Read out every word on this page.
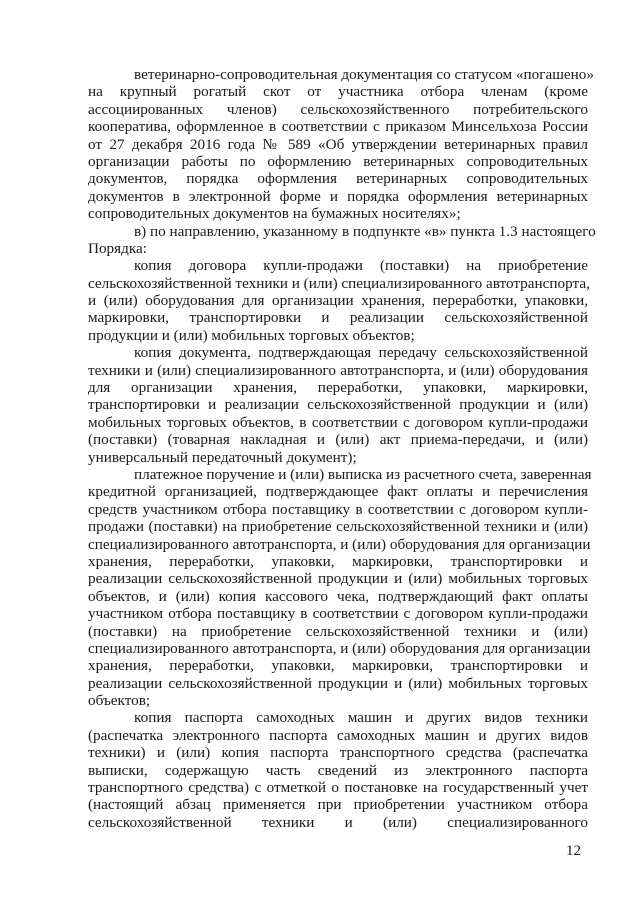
ветеринарно-сопроводительная документация со статусом «погашено»
на крупный рогатый скот от участника отбора членам (кроме
ассоциированных членов) сельскохозяйственного потребительского
кооператива, оформленное в соответствии с приказом Минсельхоза России
от 27 декабря 2016 года № 589 «Об утверждении ветеринарных правил
организации работы по оформлению ветеринарных сопроводительных
документов, порядка оформления ветеринарных сопроводительных
документов в электронной форме и порядка оформления ветеринарных
сопроводительных документов на бумажных носителях»;
в) по направлению, указанному в подпункте «в» пункта 1.3 настоящего
Порядка:
копия договора купли-продажи (поставки) на приобретение
сельскохозяйственной техники и (или) специализированного автотранспорта,
и (или) оборудования для организации хранения, переработки, упаковки,
маркировки, транспортировки и реализации сельскохозяйственной
продукции и (или) мобильных торговых объектов;
копия документа, подтверждающая передачу сельскохозяйственной
техники и (или) специализированного автотранспорта, и (или) оборудования
для организации хранения, переработки, упаковки, маркировки,
транспортировки и реализации сельскохозяйственной продукции и (или)
мобильных торговых объектов, в соответствии с договором купли-продажи
(поставки) (товарная накладная и (или) акт приема-передачи, и (или)
универсальный передаточный документ);
платежное поручение и (или) выписка из расчетного счета, заверенная
кредитной организацией, подтверждающее факт оплаты и перечисления
средств участником отбора поставщику в соответствии с договором купли-
продажи (поставки) на приобретение сельскохозяйственной техники и (или)
специализированного автотранспорта, и (или) оборудования для организации
хранения, переработки, упаковки, маркировки, транспортировки и
реализации сельскохозяйственной продукции и (или) мобильных торговых
объектов, и (или) копия кассового чека, подтверждающий факт оплаты
участником отбора поставщику в соответствии с договором купли-продажи
(поставки) на приобретение сельскохозяйственной техники и (или)
специализированного автотранспорта, и (или) оборудования для организации
хранения, переработки, упаковки, маркировки, транспортировки и
реализации сельскохозяйственной продукции и (или) мобильных торговых
объектов;
копия паспорта самоходных машин и других видов техники
(распечатка электронного паспорта самоходных машин и других видов
техники) и (или) копия паспорта транспортного средства (распечатка
выписки, содержащую часть сведений из электронного паспорта
транспортного средства) с отметкой о постановке на государственный учет
(настоящий абзац применяется при приобретении участником отбора
сельскохозяйственной техники и (или) специализированного
12
